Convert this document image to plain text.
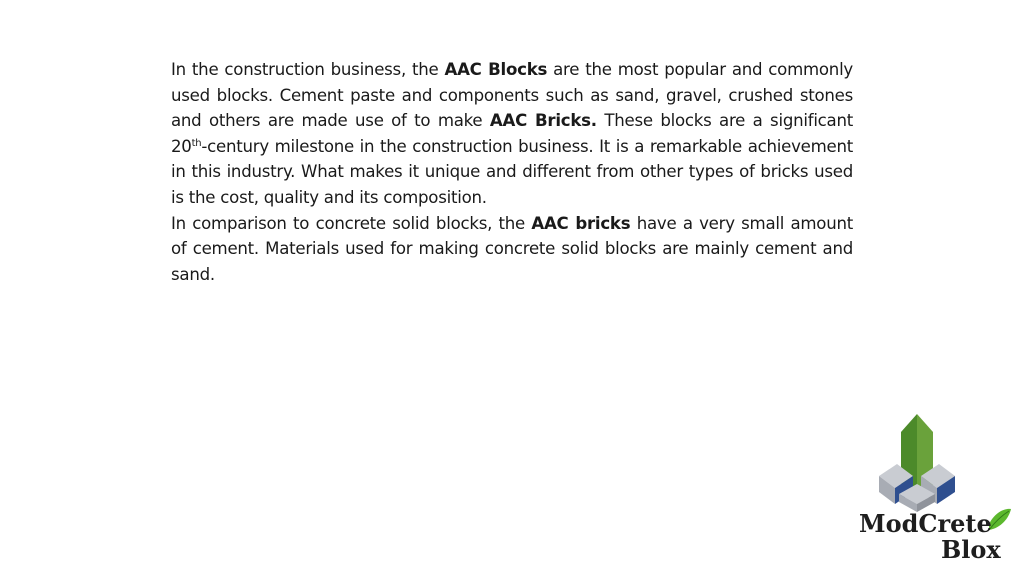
In the construction business, the AAC Blocks are the most popular and commonly used blocks. Cement paste and components such as sand, gravel, crushed stones and others are made use of to make AAC Bricks. These blocks are a significant 20th-century milestone in the construction business. It is a remarkable achievement in this industry. What makes it unique and different from other types of bricks used is the cost, quality and its composition.

In comparison to concrete solid blocks, the AAC bricks have a very small amount of cement. Materials used for making concrete solid blocks are mainly cement and sand.

ModCrete
Blox
